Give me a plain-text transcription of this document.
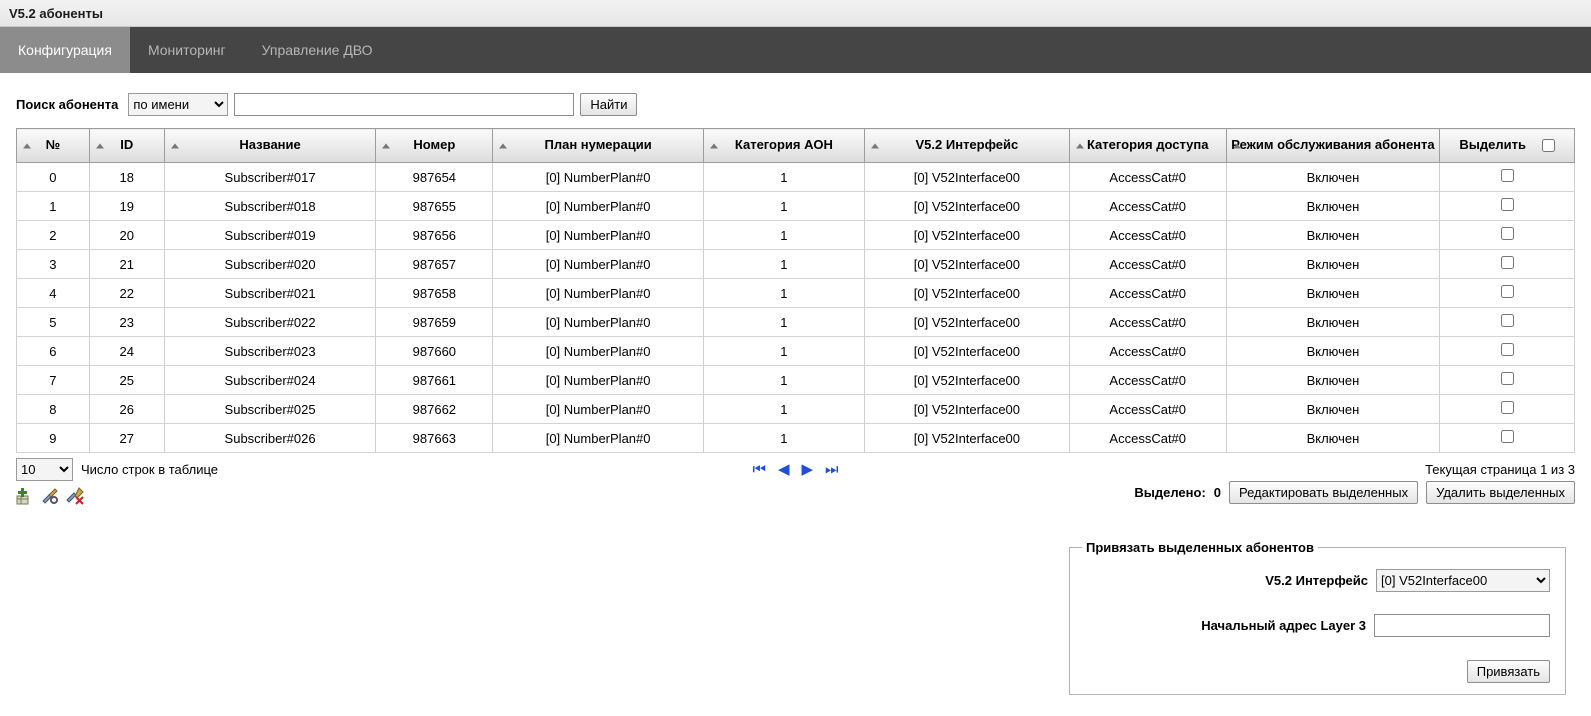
V5.2 абоненты
Конфигурация	Мониторинг	Управление ДВО
Поиск абонента
по имени	Найти
№	ID	Название	Номер	План нумерации	Категория АОН	V5.2 Интерфейс	Категория доступа	Режим обслуживания абонента	Выделить

0	18	Subscriber#017	987654	[0] NumberPlan#0	1	[0] V52Interface00	AccessCat#0	Включен	
1	19	Subscriber#018	987655	[0] NumberPlan#0	1	[0] V52Interface00	AccessCat#0	Включен	
2	20	Subscriber#019	987656	[0] NumberPlan#0	1	[0] V52Interface00	AccessCat#0	Включен	
3	21	Subscriber#020	987657	[0] NumberPlan#0	1	[0] V52Interface00	AccessCat#0	Включен	
4	22	Subscriber#021	987658	[0] NumberPlan#0	1	[0] V52Interface00	AccessCat#0	Включен	
5	23	Subscriber#022	987659	[0] NumberPlan#0	1	[0] V52Interface00	AccessCat#0	Включен	
6	24	Subscriber#023	987660	[0] NumberPlan#0	1	[0] V52Interface00	AccessCat#0	Включен	
7	25	Subscriber#024	987661	[0] NumberPlan#0	1	[0] V52Interface00	AccessCat#0	Включен	
8	26	Subscriber#025	987662	[0] NumberPlan#0	1	[0] V52Interface00	AccessCat#0	Включен	
9	27	Subscriber#026	987663	[0] NumberPlan#0	1	[0] V52Interface00	AccessCat#0	Включен	
10
Число строк в таблице	⏮ ◀ ▶ ⏭	Текущая страница 1 из 3
Выделено: 0	Редактировать выделенных	Удалить выделенных
Привязать выделенных абонентов
V5.2 Интерфейс
[0] V52Interface00
Начальный адрес Layer 3
Привязать
